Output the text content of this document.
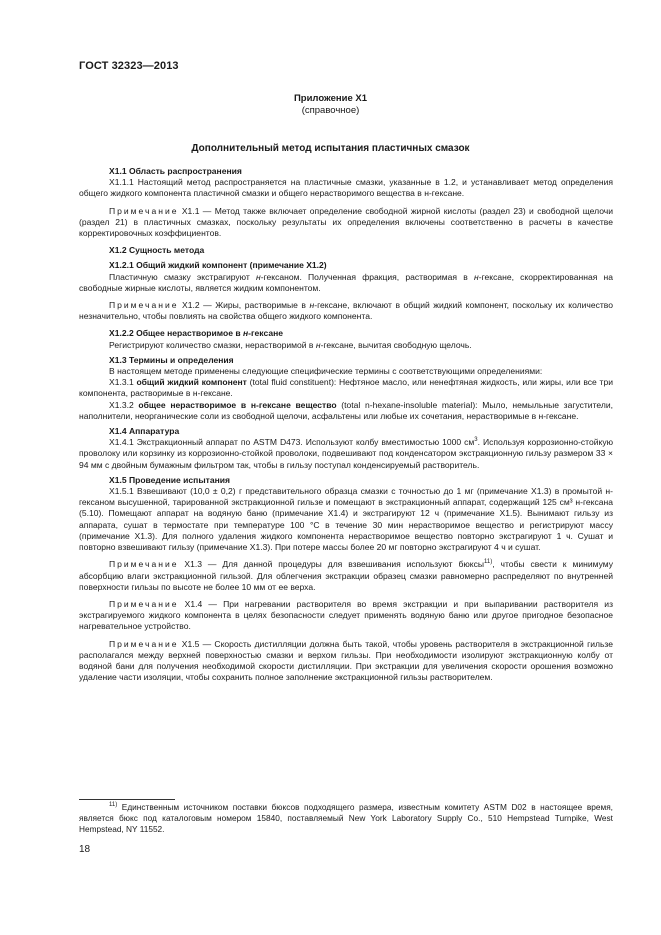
ГОСТ 32323—2013
Приложение Х1
(справочное)
Дополнительный метод испытания пластичных смазок

Х1.1 Область распространения

Х1.1.1 Настоящий метод распространяется на пластичные смазки, указанные в 1.2, и устанавливает метод определения общего жидкого компонента пластичной смазки и общего нерастворимого вещества в н-гексане.

Примечание Х1.1 — Метод также включает определение свободной жирной кислоты (раздел 23) и свободной щелочи (раздел 21) в пластичных смазках, поскольку результаты их определения включены соответственно в расчеты в качестве корректировочных коэффициентов.

Х1.2 Сущность метода

Х1.2.1 Общий жидкий компонент (примечание Х1.2)

Пластичную смазку экстрагируют н-гексаном. Полученная фракция, растворимая в н-гексане, скорректированная на свободные жирные кислоты, является жидким компонентом.

Примечание Х1.2 — Жиры, растворимые в н-гексане, включают в общий жидкий компонент, поскольку их количество незначительно, чтобы повлиять на свойства общего жидкого компонента.

Х1.2.2 Общее нерастворимое в н-гексане

Регистрируют количество смазки, нерастворимой в н-гексане, вычитая свободную щелочь.

Х1.3 Термины и определения

В настоящем методе применены следующие специфические термины с соответствующими определениями:

Х1.3.1 общий жидкий компонент (total fluid constituent): Нефтяное масло, или ненефтяная жидкость, или жиры, или все три компонента, растворимые в н-гексане.

Х1.3.2 общее нерастворимое в н-гексане вещество (total n-hexane-insoluble material): Мыло, немыльные загустители, наполнители, неорганические соли из свободной щелочи, асфальтены или любые их сочетания, нерастворимые в н-гексане.

Х1.4 Аппаратура

Х1.4.1 Экстракционный аппарат по ASTM D473. Используют колбу вместимостью 1000 $см^3$. Используя коррозионно-стойкую проволоку или корзинку из коррозионно-стойкой проволоки, подвешивают под конденсатором экстракционную гильзу размером 33 × 94 мм с двойным бумажным фильтром так, чтобы в гильзу поступал конденсируемый растворитель.

Х1.5 Проведение испытания

Х1.5.1 Взвешивают (10,0 ± 0,2) г представительного образца смазки с точностью до 1 мг (примечание Х1.3) в промытой н-гексаном высушенной, тарированной экстракционной гильзе и помещают в экстракционный аппарат, содержащий 125 см³ н-гексана (5.10). Помещают аппарат на водяную баню (примечание Х1.4) и экстрагируют 12 ч (примечание Х1.5). Вынимают гильзу из аппарата, сушат в термостате при температуре 100 °С в течение 30 мин нерастворимое вещество и регистрируют массу (примечание Х1.3). Для полного удаления жидкого компонента нерастворимое вещество повторно экстрагируют 1 ч. Сушат и повторно взвешивают гильзу (примечание Х1.3). При потере массы более 20 мг повторно экстрагируют 4 ч и сушат.

Примечание Х1.3 — Для данной процедуры для взвешивания используют бюксы$^{11)}$, чтобы свести к минимуму абсорбцию влаги экстракционной гильзой. Для облегчения экстракции образец смазки равномерно распределяют по внутренней поверхности гильзы по высоте не более 10 мм от ее верха.

Примечание Х1.4 — При нагревании растворителя во время экстракции и при выпаривании растворителя из экстрагируемого жидкого компонента в целях безопасности следует применять водяную баню или другое пригодное безопасное нагревательное устройство.

Примечание Х1.5 — Скорость дистилляции должна быть такой, чтобы уровень растворителя в экстракционной гильзе располагался между верхней поверхностью смазки и верхом гильзы. При необходимости изолируют экстракционную колбу от водяной бани для получения необходимой скорости дистилляции. При экстракции для увеличения скорости орошения возможно удаление части изоляции, чтобы сохранить полное заполнение экстракционной гильзы растворителем.

$^{11)}$ Единственным источником поставки бюксов подходящего размера, известным комитету ASTM D02 в настоящее время, является бюкс под каталоговым номером 15840, поставляемый New York Laboratory Supply Co., 510 Hempstead Turnpike, West Hempstead, NY 11552.

18
